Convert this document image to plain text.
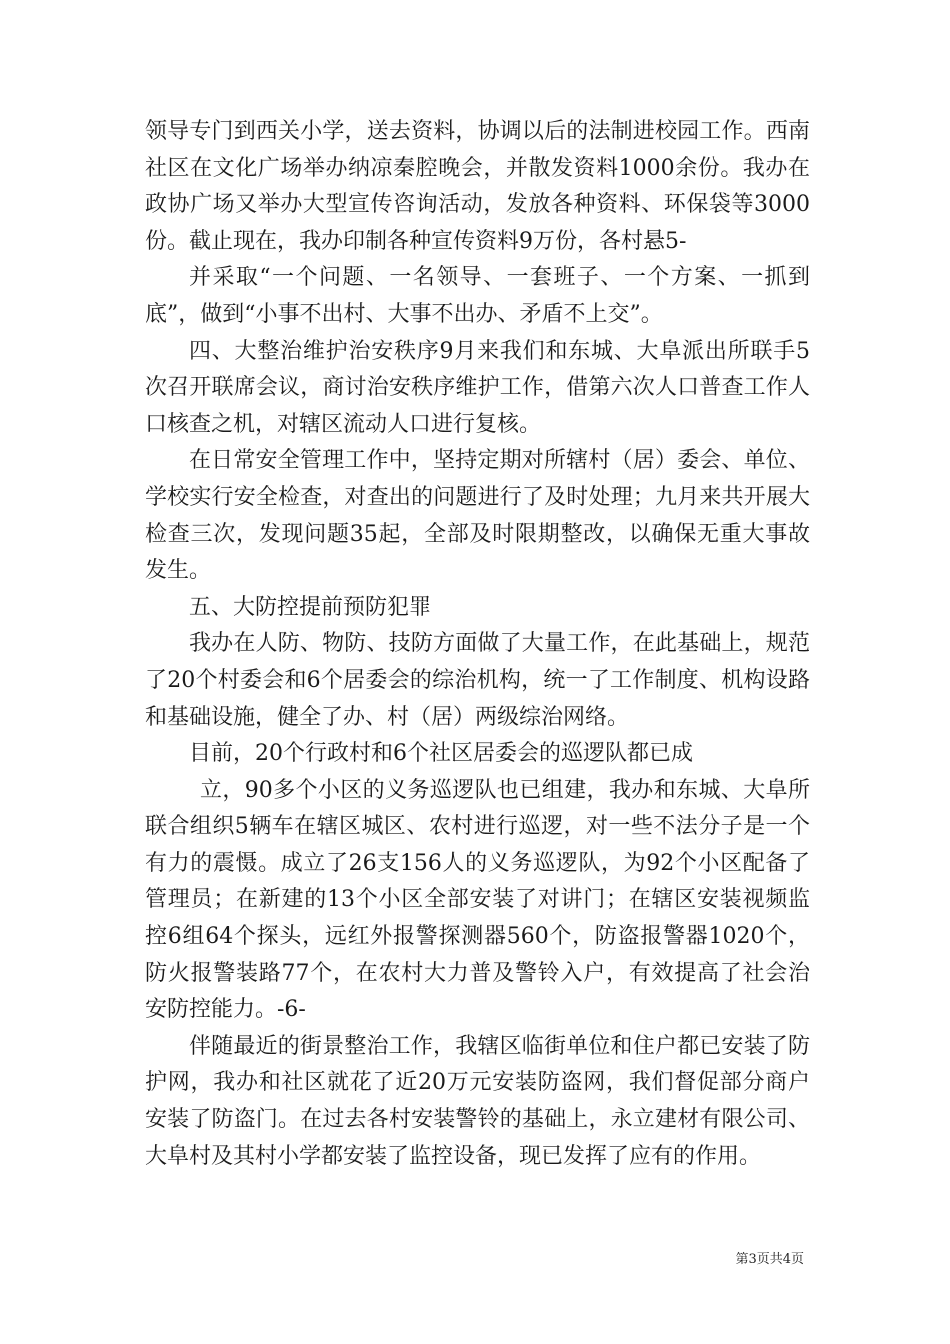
领导专门到西关小学，送去资料，协调以后的法制进校园工作。西南社区在文化广场举办纳凉秦腔晚会，并散发资料1000余份。我办在政协广场又举办大型宣传咨询活动，发放各种资料、环保袋等3000份。截止现在，我办印制各种宣传资料9万份，各村悬5-

并采取“一个问题、一名领导、一套班子、一个方案、一抓到底”，做到“小事不出村、大事不出办、矛盾不上交”。

四、大整治维护治安秩序9月来我们和东城、大阜派出所联手5次召开联席会议，商讨治安秩序维护工作，借第六次人口普查工作人口核查之机，对辖区流动人口进行复核。

在日常安全管理工作中，坚持定期对所辖村（居）委会、单位、学校实行安全检查，对查出的问题进行了及时处理；九月来共开展大检查三次，发现问题35起，全部及时限期整改，以确保无重大事故发生。

五、大防控提前预防犯罪

我办在人防、物防、技防方面做了大量工作，在此基础上，规范了20个村委会和6个居委会的综治机构，统一了工作制度、机构设路和基础设施，健全了办、村（居）两级综治网络。

目前，20个行政村和6个社区居委会的巡逻队都已成

立，90多个小区的义务巡逻队也已组建，我办和东城、大阜所联合组织5辆车在辖区城区、农村进行巡逻，对一些不法分子是一个有力的震慑。成立了26支156人的义务巡逻队，为92个小区配备了管理员；在新建的13个小区全部安装了对讲门；在辖区安装视频监控6组64个探头，远红外报警探测器560个，防盗报警器1020个，防火报警装路77个，在农村大力普及警铃入户，有效提高了社会治安防控能力。-6-

伴随最近的街景整治工作，我辖区临街单位和住户都已安装了防护网，我办和社区就花了近20万元安装防盗网，我们督促部分商户安装了防盗门。在过去各村安装警铃的基础上，永立建材有限公司、大阜村及其村小学都安装了监控设备，现已发挥了应有的作用。

第3页共4页
